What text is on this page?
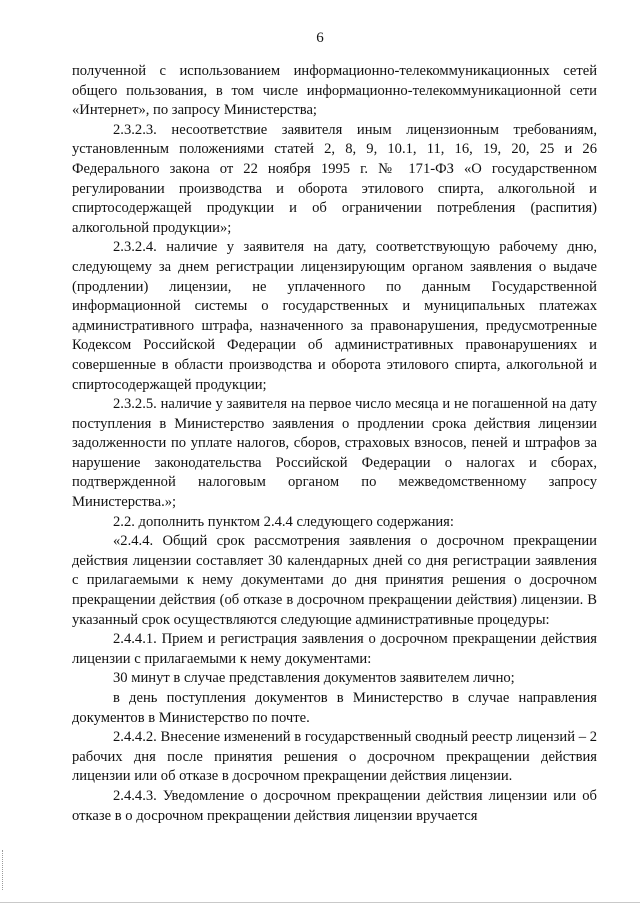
6

полученной с использованием информационно-телекоммуникационных сетей общего пользования, в том числе информационно-телекоммуникационной сети «Интернет», по запросу Министерства;

2.3.2.3. несоответствие заявителя иным лицензионным требованиям, установленным положениями статей 2, 8, 9, 10.1, 11, 16, 19, 20, 25 и 26 Федерального закона от 22 ноября 1995 г. № 171-ФЗ «О государственном регулировании производства и оборота этилового спирта, алкогольной и спиртосодержащей продукции и об ограничении потребления (распития) алкогольной продукции»;

2.3.2.4. наличие у заявителя на дату, соответствующую рабочему дню, следующему за днем регистрации лицензирующим органом заявления о выдаче (продлении) лицензии, не уплаченного по данным Государственной информационной системы о государственных и муниципальных платежах административного штрафа, назначенного за правонарушения, предусмотренные Кодексом Российской Федерации об административных правонарушениях и совершенные в области производства и оборота этилового спирта, алкогольной и спиртосодержащей продукции;

2.3.2.5. наличие у заявителя на первое число месяца и не погашенной на дату поступления в Министерство заявления о продлении срока действия лицензии задолженности по уплате налогов, сборов, страховых взносов, пеней и штрафов за нарушение законодательства Российской Федерации о налогах и сборах, подтвержденной налоговым органом по межведомственному запросу Министерства.»;

2.2. дополнить пунктом 2.4.4 следующего содержания:

«2.4.4. Общий срок рассмотрения заявления о досрочном прекращении действия лицензии составляет 30 календарных дней со дня регистрации заявления с прилагаемыми к нему документами до дня принятия решения о досрочном прекращении действия (об отказе в досрочном прекращении действия) лицензии. В указанный срок осуществляются следующие административные процедуры:

2.4.4.1. Прием и регистрация заявления о досрочном прекращении действия лицензии с прилагаемыми к нему документами:

30 минут в случае представления документов заявителем лично;

в день поступления документов в Министерство в случае направления документов в Министерство по почте.

2.4.4.2. Внесение изменений в государственный сводный реестр лицензий – 2 рабочих дня после принятия решения о досрочном прекращении действия лицензии или об отказе в досрочном прекращении действия лицензии.

2.4.4.3. Уведомление о досрочном прекращении действия лицензии или об отказе в о досрочном прекращении действия лицензии вручается
